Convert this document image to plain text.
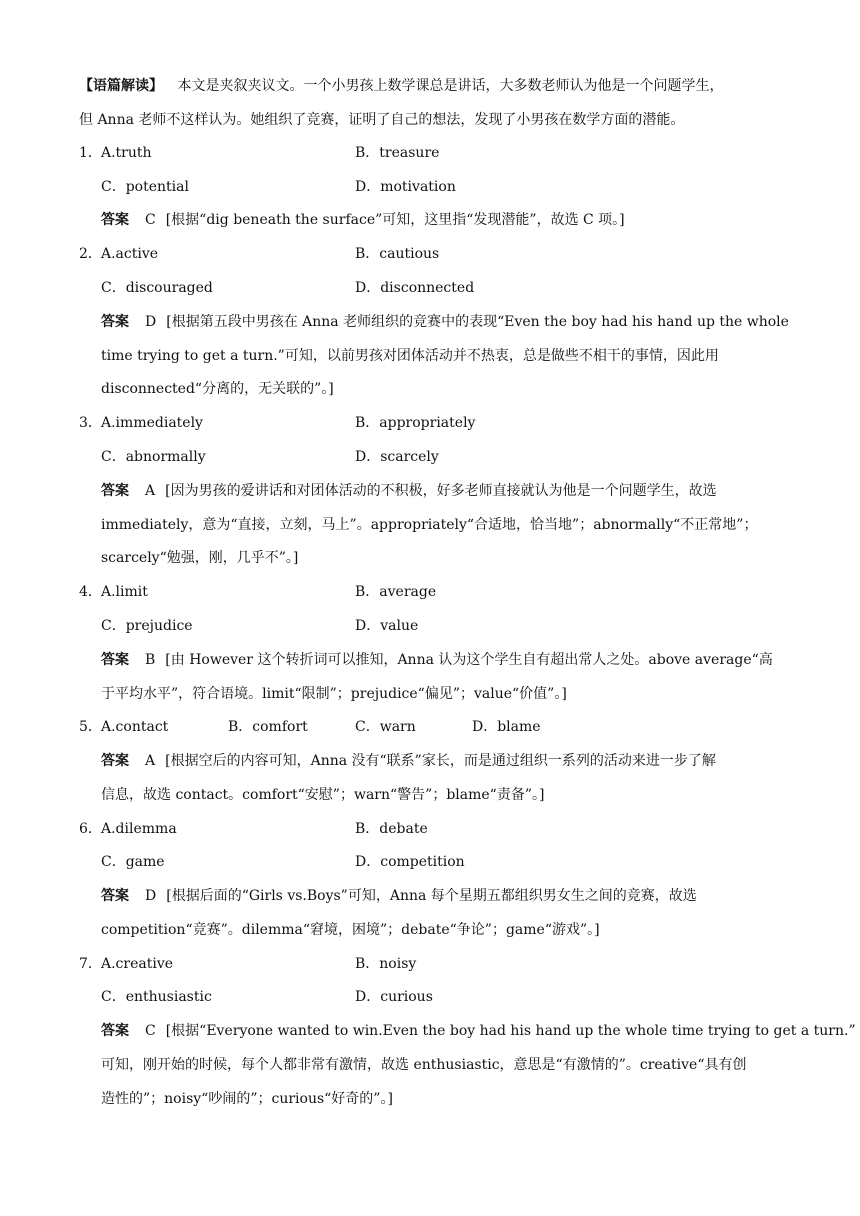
【语篇解读】 本文是夹叙夹议文。一个小男孩上数学课总是讲话，大多数老师认为他是一个问题学生，
但 Anna 老师不这样认为。她组织了竞赛，证明了自己的想法，发现了小男孩在数学方面的潜能。
1． A.truth	B．treasure
C．potential	D．motivation
答案 C [根据“dig beneath the surface”可知，这里指“发现潜能”，故选 C 项。]
2． A.active	B．cautious
C．discouraged	D．disconnected
答案 D [根据第五段中男孩在 Anna 老师组织的竞赛中的表现“Even the boy had his hand up the whole
time trying to get a turn.”可知，以前男孩对团体活动并不热衷，总是做些不相干的事情，因此用
disconnected“分离的，无关联的”。]
3． A.immediately	B．appropriately
C．abnormally	D．scarcely
答案 A [因为男孩的爱讲话和对团体活动的不积极，好多老师直接就认为他是一个问题学生，故选
immediately，意为“直接，立刻，马上”。appropriately“合适地，恰当地”；abnormally“不正常地”；
scarcely“勉强，刚，几乎不”。]
4． A.limit	B．average
C．prejudice	D．value
答案 B [由 However 这个转折词可以推知，Anna 认为这个学生自有超出常人之处。above average“高
于平均水平”，符合语境。limit“限制”；prejudice“偏见”；value“价值”。]
5． A.contact	B．comfort	C．warn	D．blame
答案 A [根据空后的内容可知，Anna 没有“联系”家长，而是通过组织一系列的活动来进一步了解
信息，故选 contact。comfort“安慰”；warn“警告”；blame“责备”。]
6． A.dilemma	B．debate
C．game	D．competition
答案 D [根据后面的“Girls vs.Boys”可知，Anna 每个星期五都组织男女生之间的竞赛，故选
competition“竞赛”。dilemma“窘境，困境”；debate“争论”；game“游戏”。]
7． A.creative	B．noisy
C．enthusiastic	D．curious
答案 C [根据“Everyone wanted to win.Even the boy had his hand up the whole time trying to get a turn.”
可知，刚开始的时候，每个人都非常有激情，故选 enthusiastic，意思是“有激情的”。creative“具有创
造性的”；noisy“吵闹的”；curious“好奇的”。]
